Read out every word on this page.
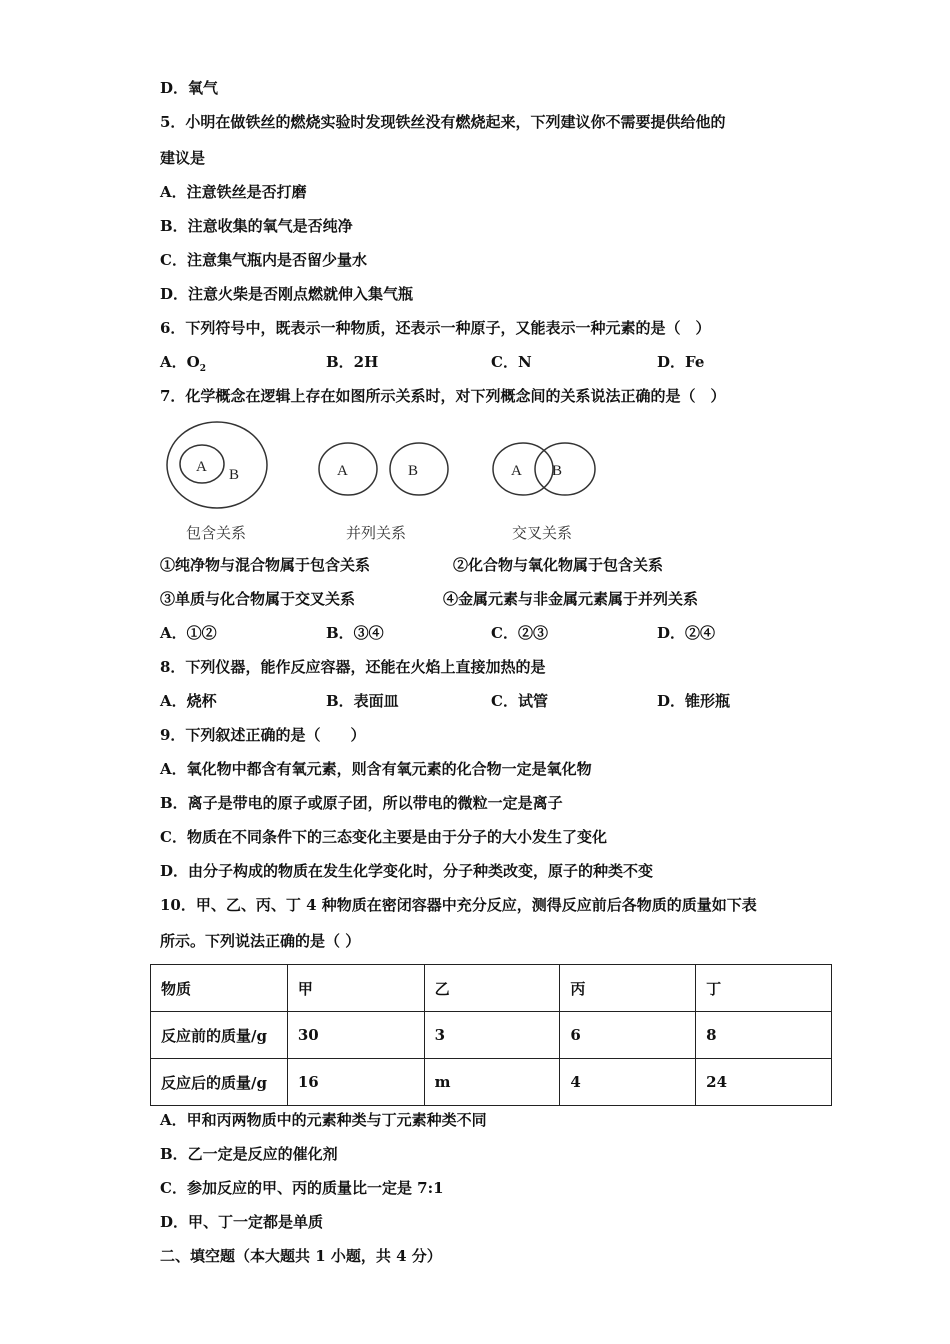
D．氧气
5．小明在做铁丝的燃烧实验时发现铁丝没有燃烧起来，下列建议你不需要提供给他的
建议是
A．注意铁丝是否打磨
B．注意收集的氧气是否纯净
C．注意集气瓶内是否留少量水
D．注意火柴是否刚点燃就伸入集气瓶
6．下列符号中，既表示一种物质，还表示一种原子，又能表示一种元素的是（　）
A．$O_2$	B．2H	C．N	D．Fe
7．化学概念在逻辑上存在如图所示关系时，对下列概念间的关系说法正确的是（　）
A B
包含关系
A	B
并列关系
A B
交叉关系
①纯净物与混合物属于包含关系	②化合物与氧化物属于包含关系
③单质与化合物属于交叉关系	④金属元素与非金属元素属于并列关系
A．①②	B．③④	C．②③	D．②④
8．下列仪器，能作反应容器，还能在火焰上直接加热的是
A．烧杯	B．表面皿	C．试管	D．锥形瓶
9．下列叙述正确的是（　　）
A．氧化物中都含有氧元素，则含有氧元素的化合物一定是氧化物
B．离子是带电的原子或原子团，所以带电的微粒一定是离子
C．物质在不同条件下的三态变化主要是由于分子的大小发生了变化
D．由分子构成的物质在发生化学变化时，分子种类改变，原子的种类不变
10．甲、乙、丙、丁 4 种物质在密闭容器中充分反应，测得反应前后各物质的质量如下表
所示。下列说法正确的是（ ）
物质	甲	乙	丙	丁
反应前的质量/g	30	3	6	8
反应后的质量/g	16	m	4	24
A．甲和丙两物质中的元素种类与丁元素种类不同
B．乙一定是反应的催化剂
C．参加反应的甲、丙的质量比一定是 7:1
D．甲、丁一定都是单质
二、填空题（本大题共 1 小题，共 4 分）
